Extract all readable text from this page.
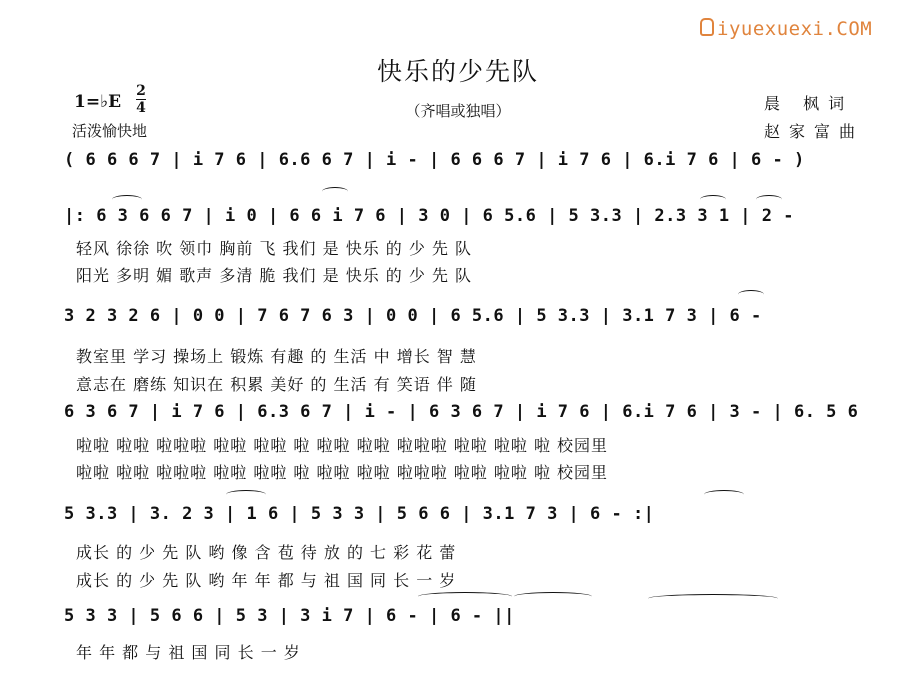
iyuexuexi.COM
快乐的少先队
（齐唱或独唱）
1=♭E
2
4
活泼愉快地
晨 枫词
赵家富曲
( 6 6 6 7 | i 7 6 | 6.6 6 7 | i - | 6 6 6 7 | i 7 6 | 6.i 7 6 | 6 - )
|: 6 3 6 6 7 | i 0 | 6 6 i 7 6 | 3 0 | 6 5.6 | 5 3.3 | 2.3 3 1 | 2 -
轻风 徐徐 吹 领巾 胸前 飞 我们 是 快乐 的 少 先 队
阳光 多明 媚 歌声 多清 脆 我们 是 快乐 的 少 先 队
3 2 3 2 6 | 0 0 | 7 6 7 6 3 | 0 0 | 6 5.6 | 5 3.3 | 3.1 7 3 | 6 -
教室里 学习 操场上 锻炼 有趣 的 生活 中 增长 智 慧
意志在 磨练 知识在 积累 美好 的 生活 有 笑语 伴 随
6 3 6 7 | i 7 6 | 6.3 6 7 | i - | 6 3 6 7 | i 7 6 | 6.i 7 6 | 3 - | 6. 5 6
啦啦 啦啦 啦啦啦 啦啦 啦啦 啦 啦啦 啦啦 啦啦啦 啦啦 啦啦 啦 校园里
啦啦 啦啦 啦啦啦 啦啦 啦啦 啦 啦啦 啦啦 啦啦啦 啦啦 啦啦 啦 校园里
5 3.3 | 3. 2 3 | 1 6 | 5 3 3 | 5 6 6 | 3.1 7 3 | 6 - :|
成长 的 少 先 队 哟 像 含 苞 待 放 的 七 彩 花 蕾
成长 的 少 先 队 哟 年 年 都 与 祖 国 同 长 一 岁
5 3 3 | 5 6 6 | 5 3 | 3 i 7 | 6 - | 6 - ||
年 年 都 与 祖 国 同 长 一 岁
